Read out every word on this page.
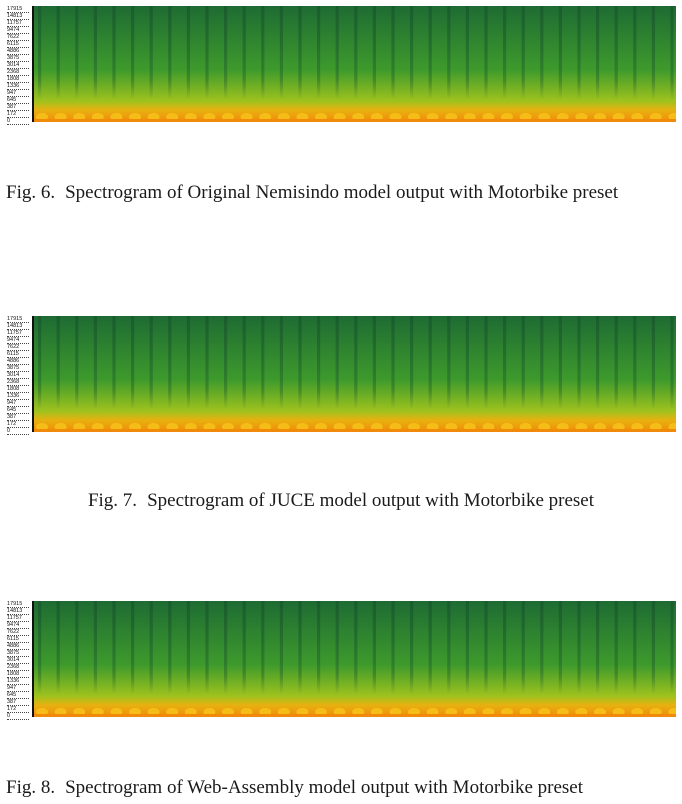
17915
14813
11757
9474
7622
6115
4886
3875
3014
2368
1808
1336
947
645
387
172
0
Fig. 6. Spectrogram of Original Nemisindo model output with Motorbike preset
17915
14813
11757
9474
7622
6115
4886
3875
3014
2368
1808
1336
947
645
387
172
0
Fig. 7. Spectrogram of JUCE model output with Motorbike preset
17915
14813
11757
9474
7622
6115
4886
3875
3014
2368
1808
1336
947
645
387
172
0
Fig. 8. Spectrogram of Web-Assembly model output with Motorbike preset
